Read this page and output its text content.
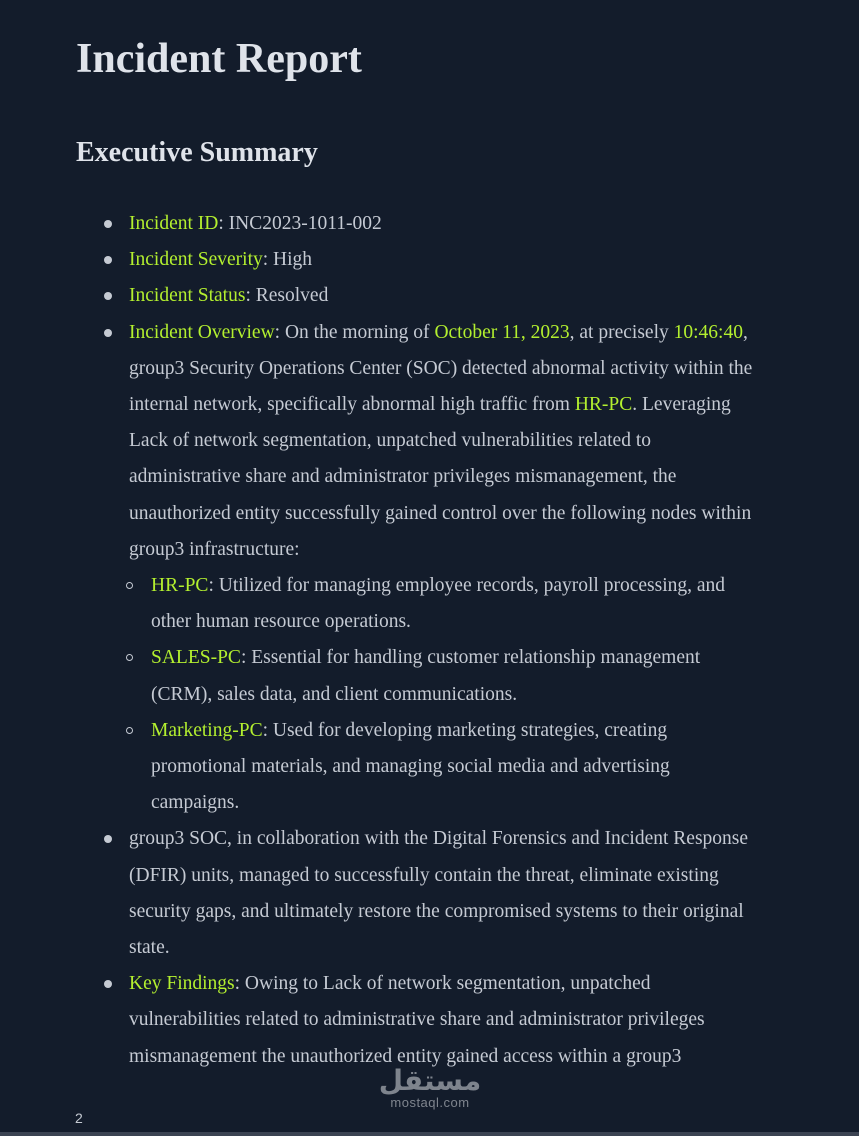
Incident Report
Executive Summary
Incident ID: INC2023-1011-002
Incident Severity: High
Incident Status: Resolved
Incident Overview: On the morning of October 11, 2023, at precisely 10:46:40, group3 Security Operations Center (SOC) detected abnormal activity within the internal network, specifically abnormal high traffic from HR-PC. Leveraging Lack of network segmentation, unpatched vulnerabilities related to administrative share and administrator privileges mismanagement, the unauthorized entity successfully gained control over the following nodes within group3 infrastructure:
HR-PC: Utilized for managing employee records, payroll processing, and other human resource operations.
SALES-PC: Essential for handling customer relationship management (CRM), sales data, and client communications.
Marketing-PC: Used for developing marketing strategies, creating promotional materials, and managing social media and advertising campaigns.
group3 SOC, in collaboration with the Digital Forensics and Incident Response (DFIR) units, managed to successfully contain the threat, eliminate existing security gaps, and ultimately restore the compromised systems to their original state.
Key Findings: Owing to Lack of network segmentation, unpatched vulnerabilities related to administrative share and administrator privileges mismanagement the unauthorized entity gained access within a group3
مستقل
mostaql.com
2
